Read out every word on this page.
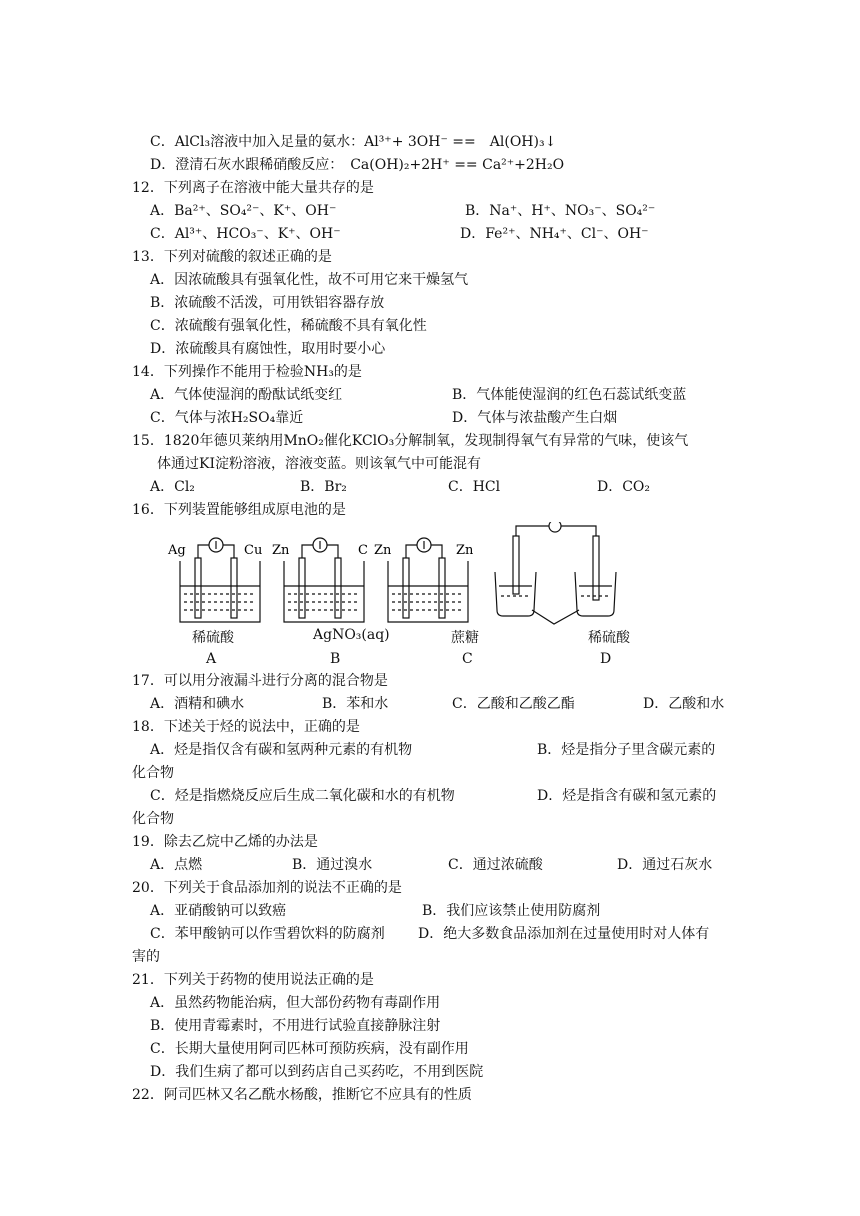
C．AlCl₃溶液中加入足量的氨水：Al³⁺+ 3OH⁻ ==　Al(OH)₃↓
D．澄清石灰水跟稀硝酸反应：　Ca(OH)₂+2H⁺ == Ca²⁺+2H₂O
12．下列离子在溶液中能大量共存的是
A．Ba²⁺、SO₄²⁻、K⁺、OH⁻	B．Na⁺、H⁺、NO₃⁻、SO₄²⁻
C．Al³⁺、HCO₃⁻、K⁺、OH⁻	D．Fe²⁺、NH₄⁺、Cl⁻、OH⁻
13．下列对硫酸的叙述正确的是
A．因浓硫酸具有强氧化性，故不可用它来干燥氢气
B．浓硫酸不活泼，可用铁铝容器存放
C．浓硫酸有强氧化性，稀硫酸不具有氧化性
D．浓硫酸具有腐蚀性，取用时要小心
14．下列操作不能用于检验NH₃的是
A．气体使湿润的酚酞试纸变红	B．气体能使湿润的红色石蕊试纸变蓝
C．气体与浓H₂SO₄靠近	D．气体与浓盐酸产生白烟
15．1820年德贝莱纳用MnO₂催化KClO₃分解制氧，发现制得氧气有异常的气味，使该气
体通过KI淀粉溶液，溶液变蓝。则该氧气中可能混有
A．Cl₂	B．Br₂	C．HCl	D．CO₂
16．下列装置能够组成原电池的是
Ag	Cu Zn	C Zn	Zn
稀硫酸	AgNO₃(aq)	蔗糖	稀硫酸
A	B	C	D
17．可以用分液漏斗进行分离的混合物是
A．酒精和碘水	B．苯和水	C．乙酸和乙酸乙酯	D．乙酸和水
18．下述关于烃的说法中，正确的是
A．烃是指仅含有碳和氢两种元素的有机物	B．烃是指分子里含碳元素的
化合物
C．烃是指燃烧反应后生成二氧化碳和水的有机物	D．烃是指含有碳和氢元素的
化合物
19．除去乙烷中乙烯的办法是
A．点燃	B．通过溴水	C．通过浓硫酸	D．通过石灰水
20．下列关于食品添加剂的说法不正确的是
A．亚硝酸钠可以致癌	B．我们应该禁止使用防腐剂
C．苯甲酸钠可以作雪碧饮料的防腐剂 D．绝大多数食品添加剂在过量使用时对人体有
害的
21．下列关于药物的使用说法正确的是
A．虽然药物能治病，但大部份药物有毒副作用
B．使用青霉素时，不用进行试验直接静脉注射
C．长期大量使用阿司匹林可预防疾病，没有副作用
D．我们生病了都可以到药店自己买药吃，不用到医院
22．阿司匹林又名乙酰水杨酸，推断它不应具有的性质
